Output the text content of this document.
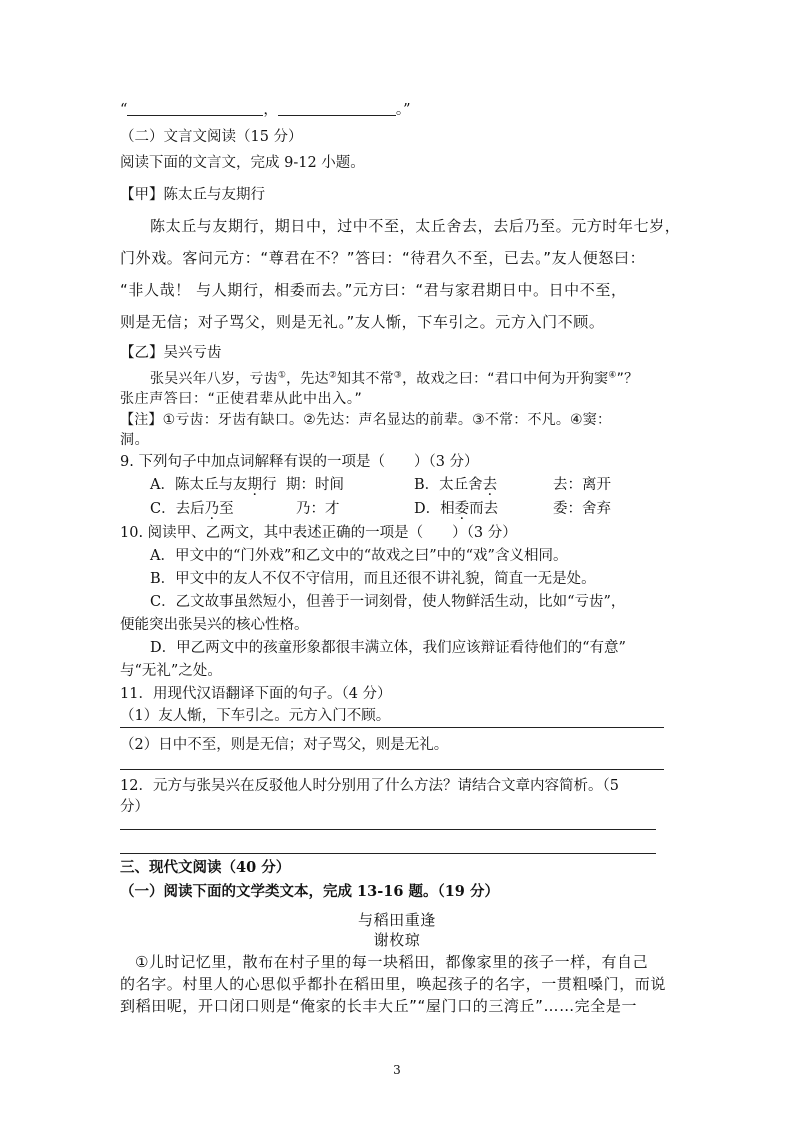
“	，	。”
（二）文言文阅读（15 分）
阅读下面的文言文，完成 9-12 小题。
【甲】陈太丘与友期行
陈太丘与友期行，期日中，过中不至，太丘舍去，去后乃至。元方时年七岁，
门外戏。客问元方：“尊君在不？”答曰：“待君久不至，已去。”友人便怒曰：
“非人哉！ 与人期行，相委而去。”元方曰：“君与家君期日中。日中不至，
则是无信；对子骂父，则是无礼。”友人惭，下车引之。元方入门不顾。
【乙】吴兴亏齿
张吴兴年八岁，亏齿①，先达②知其不常③，故戏之曰：“君口中何为开狗窦④”？
张庄声答曰：“正使君辈从此中出入。”
【注】①亏齿：牙齿有缺口。②先达：声名显达的前辈。③不常：不凡。④窦：
洞。
9. 下列句子中加点词解释有误的一项是（　　）（3 分）
A．陈太丘与友期行 期：时间	B．太丘舍去	去：离开
C．去后乃至	乃：才	D．相委而去	委：舍弃
10. 阅读甲、乙两文，其中表述正确的一项是（　　）（3 分）
A．甲文中的“门外戏”和乙文中的“故戏之曰”中的“戏”含义相同。
B．甲文中的友人不仅不守信用，而且还很不讲礼貌，简直一无是处。
C．乙文故事虽然短小，但善于一词刻骨，使人物鲜活生动，比如“亏齿”，
便能突出张吴兴的核心性格。
D．甲乙两文中的孩童形象都很丰满立体，我们应该辩证看待他们的“有意”
与“无礼”之处。
11．用现代汉语翻译下面的句子。（4 分）
（1）友人惭，下车引之。元方入门不顾。
（2）日中不至，则是无信；对子骂父，则是无礼。
12．元方与张吴兴在反驳他人时分别用了什么方法？请结合文章内容简析。（5
分）
三、现代文阅读（40 分）
（一）阅读下面的文学类文本，完成 13-16 题。（19 分）
与稻田重逢
谢枚琼
①儿时记忆里，散布在村子里的每一块稻田，都像家里的孩子一样，有自己
的名字。村里人的心思似乎都扑在稻田里，唤起孩子的名字，一贯粗嗓门，而说
到稻田呢，开口闭口则是“俺家的长丰大丘”“屋门口的三湾丘”……完全是一
3
